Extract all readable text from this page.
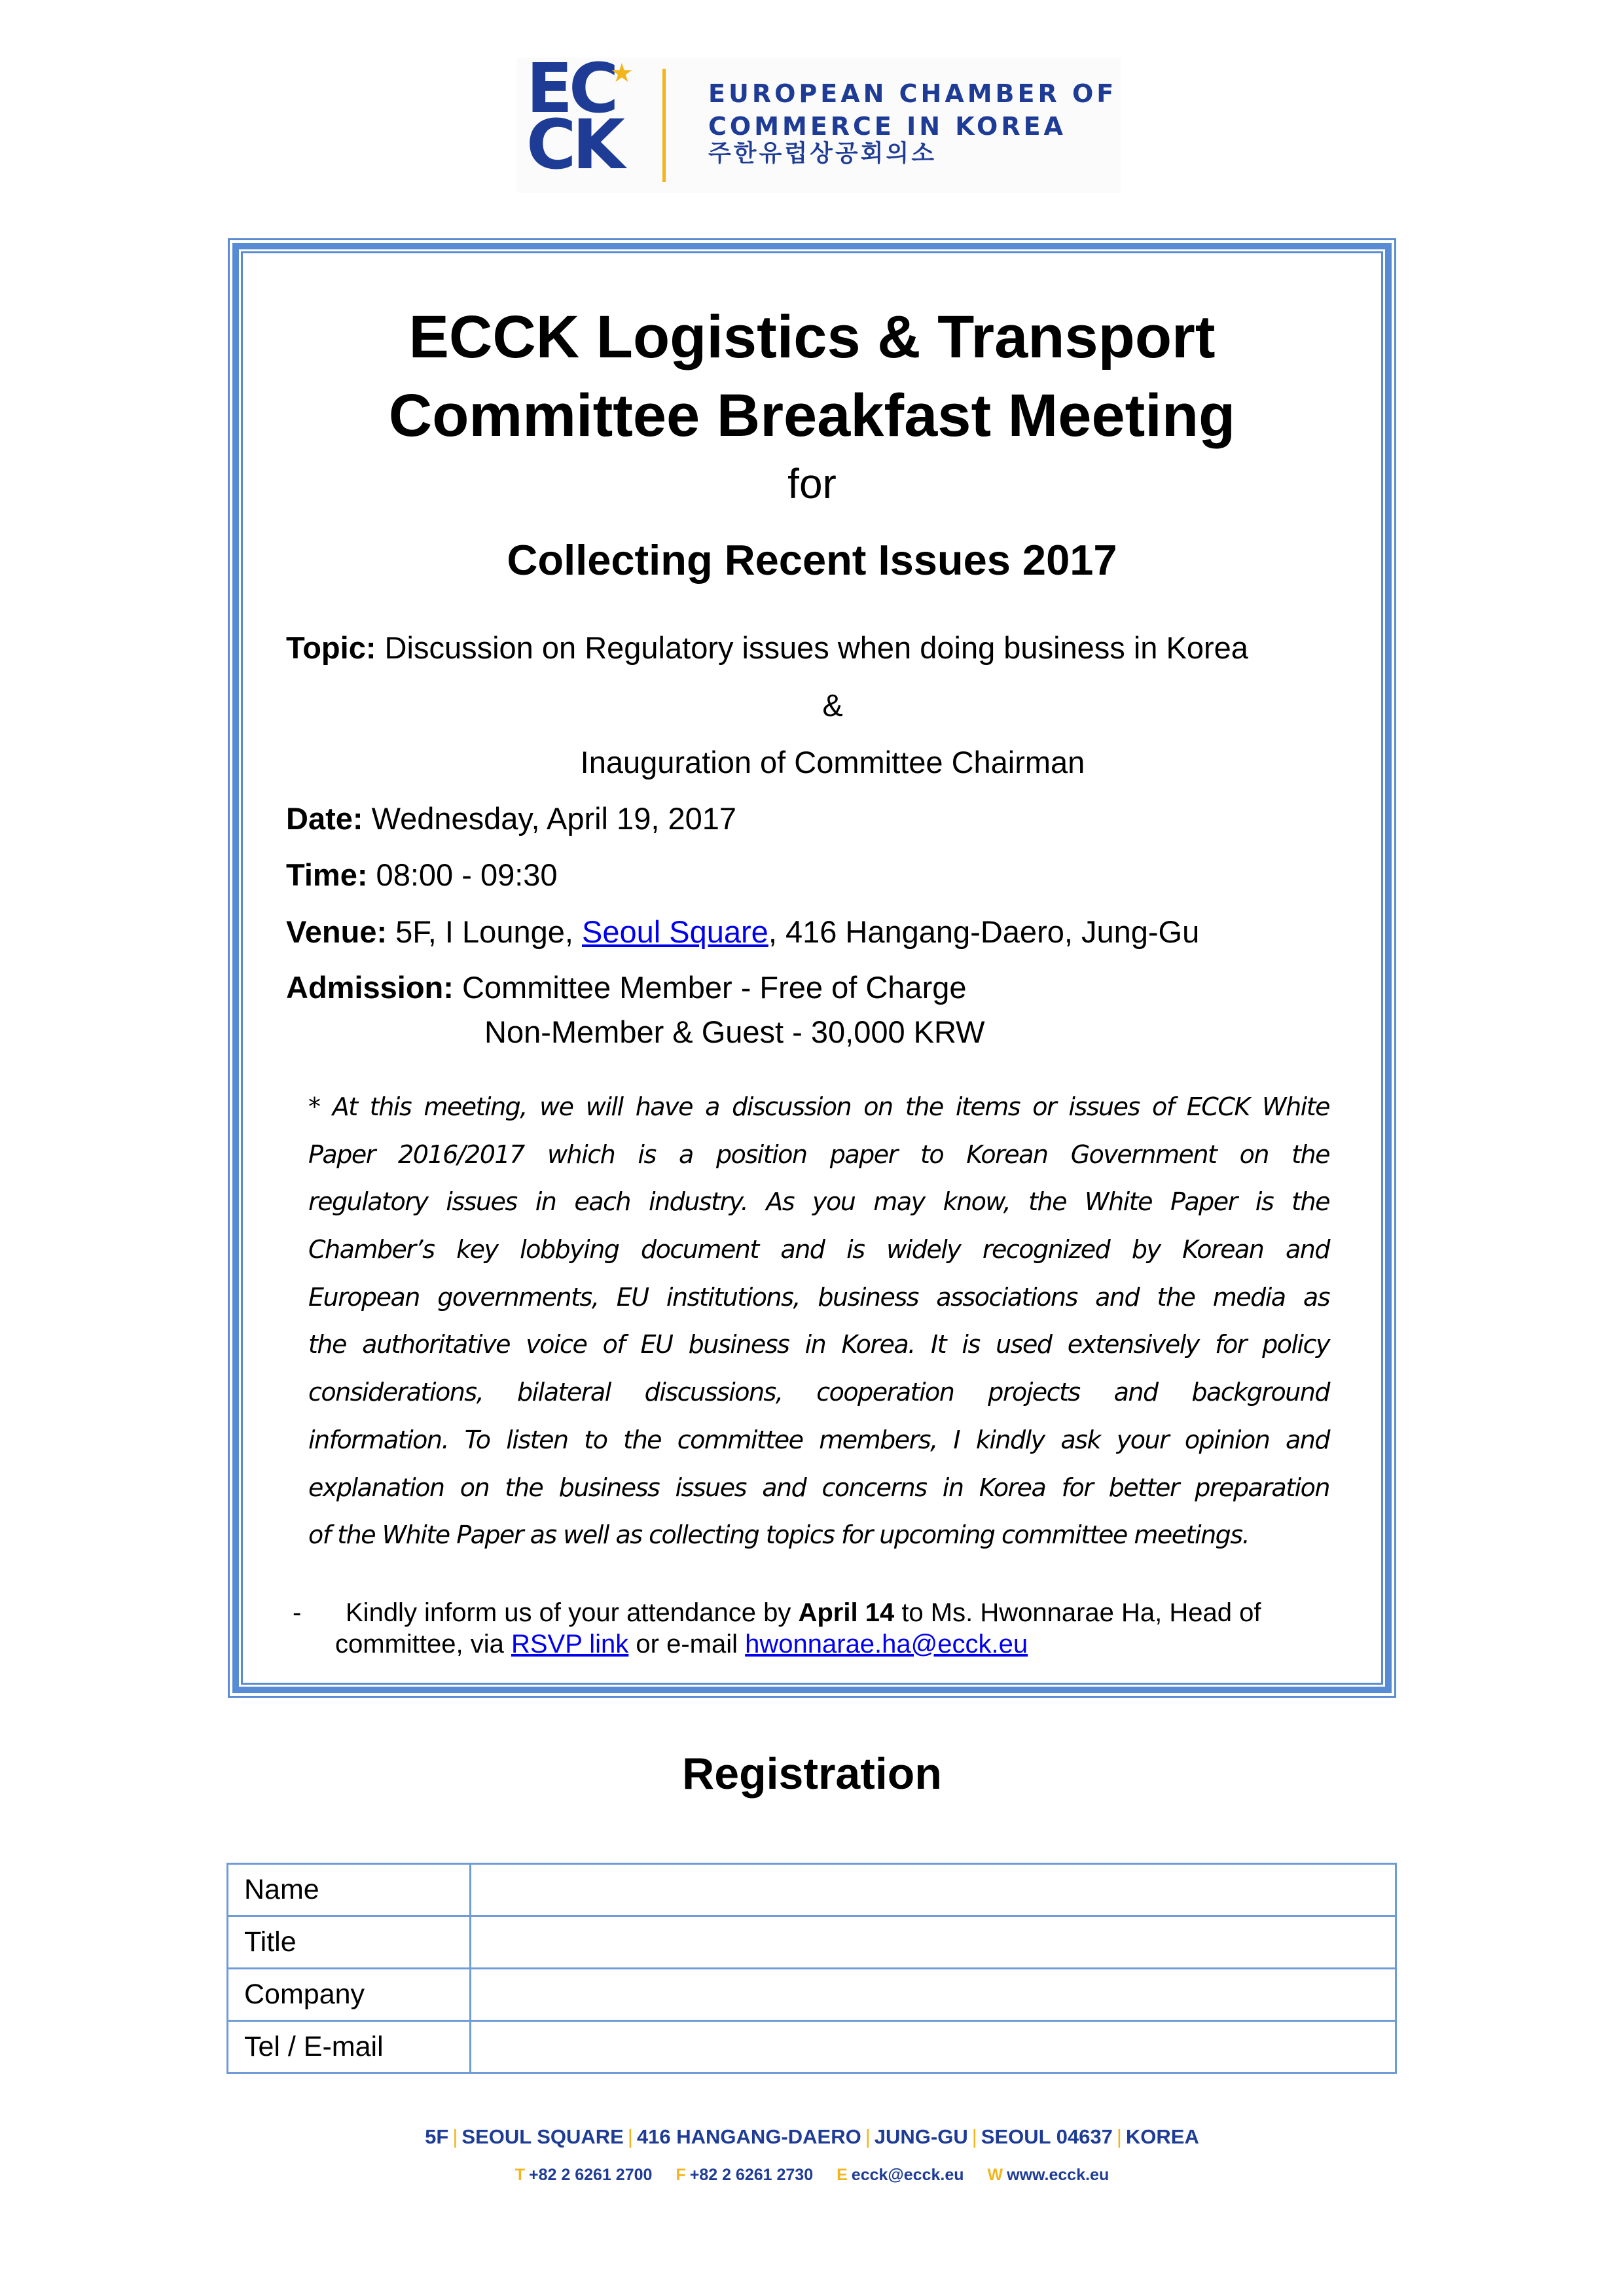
EC
CK
★
EUROPEAN CHAMBER OF
COMMERCE IN KOREA
주한유럽상공회의소
ECCK Logistics & Transport
Committee Breakfast Meeting
for
Collecting Recent Issues 2017
Topic: Discussion on Regulatory issues when doing business in Korea
&
Inauguration of Committee Chairman
Date: Wednesday, April 19, 2017
Time: 08:00 - 09:30
Venue: 5F, I Lounge, Seoul Square, 416 Hangang-Daero, Jung-Gu
Admission: Committee Member - Free of Charge
Non-Member & Guest - 30,000 KRW
* At this meeting, we will have a discussion on the items or issues of ECCK White
Paper 2016/2017 which is a position paper to Korean Government on the
regulatory issues in each industry. As you may know, the White Paper is the
Chamber’s key lobbying document and is widely recognized by Korean and
European governments, EU institutions, business associations and the media as
the authoritative voice of EU business in Korea. It is used extensively for policy
considerations, bilateral discussions, cooperation projects and background
information. To listen to the committee members, I kindly ask your opinion and
explanation on the business issues and concerns in Korea for better preparation
of the White Paper as well as collecting topics for upcoming committee meetings.
- Kindly inform us of your attendance by April 14 to Ms. Hwonnarae Ha, Head of
committee, via RSVP link or e-mail hwonnarae.ha@ecck.eu
Registration
Name	
Title	
Company	
Tel / E-mail	
5F | SEOUL SQUARE | 416 HANGANG-DAERO | JUNG-GU | SEOUL 04637 | KOREA
T +82 2 6261 2700 F +82 2 6261 2730 E ecck@ecck.eu W www.ecck.eu
